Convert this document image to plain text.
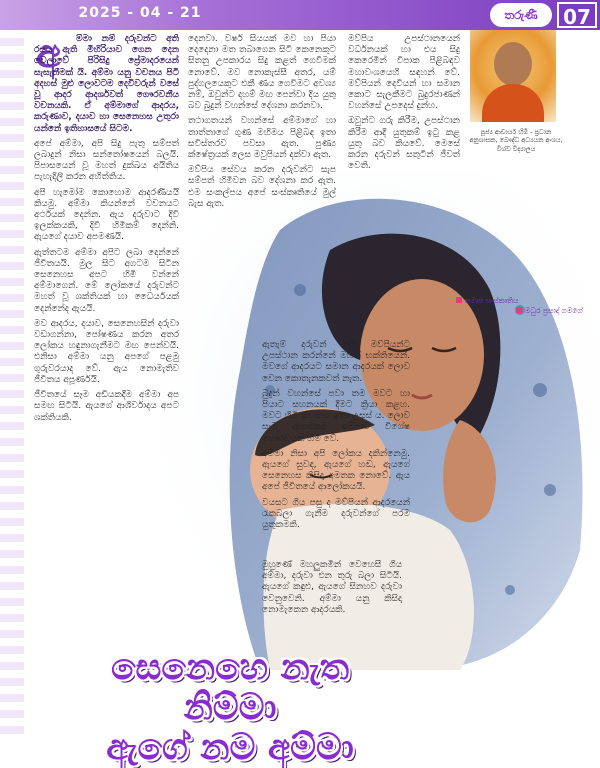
2025 - 04 - 21	තරුණී	07
අ	ම්මා නම් දරුවන්ට අති රසය ඇති මිහිරියාව ගෙන දෙන වෙලාවේ පිරිසිදු ප්‍රේමාදරයෙන් සැසැනීමක් යි. අම්මා යනු වචනය පිටි අදහස් මුළු ලොවටම දෙවිවරුන් වසේ වූ ආදර ආදර්ශවත් ගෞරවනීය වචනයකි. ඒ අම්මාගේ ආදරය, කරුණාව, දයාව හා සෙනෙහස උතුරා යන්නේ ඉතිහාසයේ සිටම.

අපේ අම්මා, අපි සිදු පැතු සම්පත් ලබාදුන් නිසා සන්තෝෂයෙන් බලයි. පිපාසයෙන් වූ මහත් දුක්ඛය අයිතිය පැහැදිලි කරන අහිත්තිය.

අපි හැමෝම කොහොම ආදරණීයයි කියමු. අම්මා කියන්නේ වචනයට අර්ථයක් දෙන්න. ඇය දරුවාට දිවි ඉලක්කයකි, දිවි හිමිකම් දෙන්නි. ඇයගේ දයාව අපමණයි.

ඇත්තටම අම්මා අපිට ලබා දෙන්නේ ජීවිතයයි. මුල සිට අගටම සිටින සෙනෙහස අපට හිමි වන්නේ අම්මාගෙන්. මේ ලෝකයේ දරුවන්ට මහත් වූ ශක්තියක් හා ධෛර්යයක් දෙන්නේද ඇයයි.

මව ආදරය, දයාව, සෙනෙහසින් දරුවා වඩාගන්නා, පෝෂණය කරන අතර ලෝකය හඳුනාගැනීමට මඟ පෙන්වයි. එනිසා අම්මා යනු අපගේ පළමු ගුරුවරයාද වේ. ඇය නොමැතිව ජීවිතය අපූර්ණයි.

ජීවිතයේ සෑම අඩියකදීම අම්මා අප සමඟ සිටියි. ඇයගේ ආශිර්වාදය අපට ශක්තියකි.

දෙනවා. වර්ෂ සියයක් මව හා පියා දෙදෙනා මත තබාගෙන සිටි කෙනෙකුට සිතනු උපකාරය සිදු කළත් ගෙවීමක් නොවේ. මව නොකැස්සී අතර, යම් පුද්ගලයෙකුට එකී ණය ගෙවිමට අවශ්‍ය නම්, ඔවුන්ට දහම් මඟ පෙන්වා දිය යුතු බව බුදුන් වහන්සේ දේශනා කරනවා.

තථාගතයන් වහන්සේ අම්මාගේ හා තාත්තාගේ ගුණ මහිමය පිළිබඳ ඉතා සවිස්තරව පවසා ඇත. පුණ්‍ය ක්ෂේත්‍රයක් ලෙස මවුපියන් දක්වා ඇත.

මව්පිය සේවය කරන දරුවන්ට සැප සම්පත් හිමිවන බව දේශනා කර ඇත. එම සංකල්පය අපේ සංස්කෘතියේ මුල් බැස ඇත.

මව්පිය උපස්ථානයෙන් වර්ධනයක් හා එය සිදු කෙරෙමින් විපාක පිළිබඳව මහාවංශයෙහි සඳහන් වේ. මව්පියන් දෙවියන් හා සමාන කොට සැලකීමට බුදුරජාණන් වහන්සේ උපදෙස් දුන්හ.

ඔවුන්ට ගරු කිරීම, උපස්ථාන කිරීම ආදී යුතුකම් ඉටු කළ යුතු බව කියවේ. මෙසේ කරන දරුවන් සතුටින් ජීවත් වෙති.

පූජ්‍ය ආචාර්ය හිමි - ප්‍රධාන අනුශාසක, බෞද්ධ අධ්‍යයන අංශය, විශ්ව විද්‍යාලය
සමාජ සංස්කෘතිය
මධුර ප්‍රසාද් ගමගේ

ඇතැම් දරුවන් තම මව්පියන්ට උපස්ථාන කරන්නේ මහත් භක්තියෙන්. මවගේ ආදරයට සමාන ආදරයක් ලොව වෙන කොතැනකවත් නැත.

බුදුන් වහන්සේ පවා තම මවට හා පියාට සහනයක් දීමට ක්‍රියා කළහ. මවට හිමි ස්ථානය ඉතා උසස් ය. ලොව සෑම ආගමකම අම්මාට විශේෂ ගෞරවයක් හිමි වේ.

අම්මා නිසා අපි ලෝකය දකින්නෙමු. ඇයගේ සුවඳ, ඇයගේ හඬ, ඇයගේ සෙනෙහස කිසිදා අමතක නොවේ. ඇය අපේ ජීවිතයේ ආලෝකයයි.

වයසට ගිය පසු ද මව්පියන් ආදරයෙන් රැකබලා ගැනීම දරුවන්ගේ පරම යුතුකමකි.

මුහුණේ මහලුකමින් වෙහෙසී ගිය අම්මා, දරුවා එන තුරු බලා සිටියි. ඇයගේ කඳුළු, ඇයගේ සිනහව දරුවා වෙනුවෙනි. අම්මා යනු කිසිදා නොමැකෙන ආදරයකි.

සෙනෙහෙ නැත නිම්මා
ඇගේ නම අම්මා
